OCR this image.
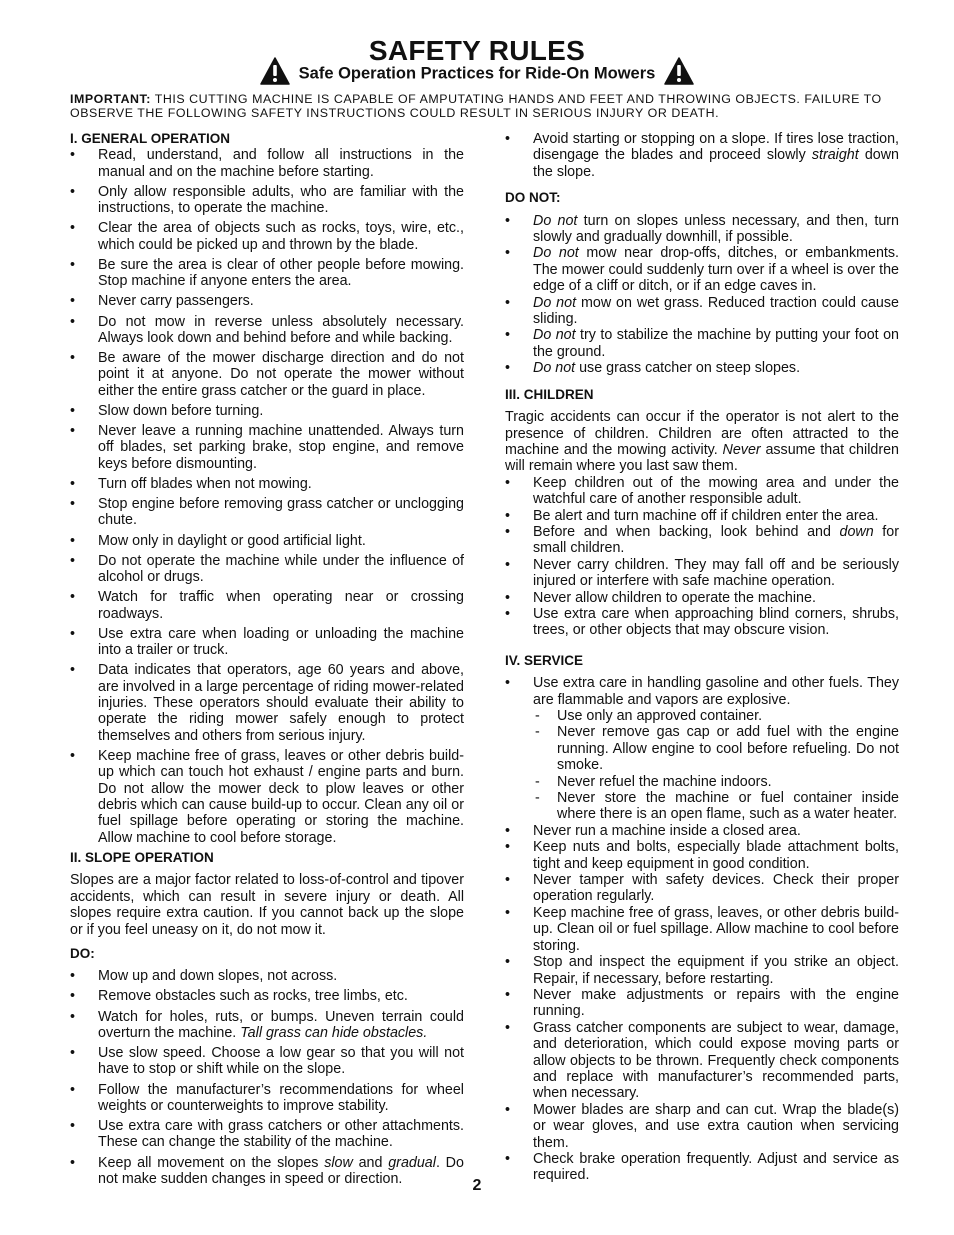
SAFETY RULES
Safe Operation Practices for Ride-On Mowers
IMPORTANT: THIS CUTTING MACHINE IS CAPABLE OF AMPUTATING HANDS AND FEET AND THROWING OBJECTS. FAILURE TO OBSERVE THE FOLLOWING SAFETY INSTRUCTIONS COULD RESULT IN SERIOUS INJURY OR DEATH.
I. GENERAL OPERATION
• Read, understand, and follow all instructions in the manual and on the machine before starting.
• Only allow responsible adults, who are familiar with the instructions, to operate the machine.
• Clear the area of objects such as rocks, toys, wire, etc., which could be picked up and thrown by the blade.
• Be sure the area is clear of other people before mowing. Stop machine if anyone enters the area.
• Never carry passengers.
• Do not mow in reverse unless absolutely necessary. Always look down and behind before and while backing.
• Be aware of the mower discharge direction and do not point it at anyone. Do not operate the mower without either the entire grass catcher or the guard in place.
• Slow down before turning.
• Never leave a running machine unattended. Always turn off blades, set parking brake, stop engine, and remove keys before dismounting.
• Turn off blades when not mowing.
• Stop engine before removing grass catcher or unclogging chute.
• Mow only in daylight or good artificial light.
• Do not operate the machine while under the influence of alcohol or drugs.
• Watch for traffic when operating near or crossing roadways.
• Use extra care when loading or unloading the machine into a trailer or truck.
• Data indicates that operators, age 60 years and above, are involved in a large percentage of riding mower-related injuries. These operators should evaluate their ability to operate the riding mower safely enough to protect themselves and others from serious injury.
• Keep machine free of grass, leaves or other debris build-up which can touch hot exhaust / engine parts and burn. Do not allow the mower deck to plow leaves or other debris which can cause build-up to occur. Clean any oil or fuel spillage before operating or storing the machine. Allow machine to cool before storage.
II. SLOPE OPERATION

Slopes are a major factor related to loss-of-control and tipover accidents, which can result in severe injury or death. All slopes require extra caution. If you cannot back up the slope or if you feel uneasy on it, do not mow it.

DO:
• Mow up and down slopes, not across.
• Remove obstacles such as rocks, tree limbs, etc.
• Watch for holes, ruts, or bumps. Uneven terrain could overturn the machine. Tall grass can hide obstacles.
• Use slow speed. Choose a low gear so that you will not have to stop or shift while on the slope.
• Follow the manufacturer’s recommendations for wheel weights or counterweights to improve stability.
• Use extra care with grass catchers or other attachments. These can change the stability of the machine.
• Keep all movement on the slopes slow and gradual. Do not make sudden changes in speed or direction.
• Avoid starting or stopping on a slope. If tires lose traction, disengage the blades and proceed slowly straight down the slope.
DO NOT:
• Do not turn on slopes unless necessary, and then, turn slowly and gradually downhill, if possible.
• Do not mow near drop-offs, ditches, or embankments. The mower could suddenly turn over if a wheel is over the edge of a cliff or ditch, or if an edge caves in.
• Do not mow on wet grass. Reduced traction could cause sliding.
• Do not try to stabilize the machine by putting your foot on the ground.
• Do not use grass catcher on steep slopes.
III. CHILDREN

Tragic accidents can occur if the operator is not alert to the presence of children. Children are often attracted to the machine and the mowing activity. Never assume that children will remain where you last saw them.

• Keep children out of the mowing area and under the watchful care of another responsible adult.
• Be alert and turn machine off if children enter the area.
• Before and when backing, look behind and down for small children.
• Never carry children. They may fall off and be seriously injured or interfere with safe machine operation.
• Never allow children to operate the machine.
• Use extra care when approaching blind corners, shrubs, trees, or other objects that may obscure vision.
IV. SERVICE
• Use extra care in handling gasoline and other fuels. They are flammable and vapors are explosive.
- Use only an approved container.
- Never remove gas cap or add fuel with the engine running. Allow engine to cool before refueling. Do not smoke.
- Never refuel the machine indoors.
- Never store the machine or fuel container inside where there is an open flame, such as a water heater.
• Never run a machine inside a closed area.
• Keep nuts and bolts, especially blade attachment bolts, tight and keep equipment in good condition.
• Never tamper with safety devices. Check their proper operation regularly.
• Keep machine free of grass, leaves, or other debris build-up. Clean oil or fuel spillage. Allow machine to cool before storing.
• Stop and inspect the equipment if you strike an object. Repair, if necessary, before restarting.
• Never make adjustments or repairs with the engine running.
• Grass catcher components are subject to wear, damage, and deterioration, which could expose moving parts or allow objects to be thrown. Frequently check components and replace with manufacturer’s recommended parts, when necessary.
• Mower blades are sharp and can cut. Wrap the blade(s) or wear gloves, and use extra caution when servicing them.
• Check brake operation frequently. Adjust and service as required.
2
